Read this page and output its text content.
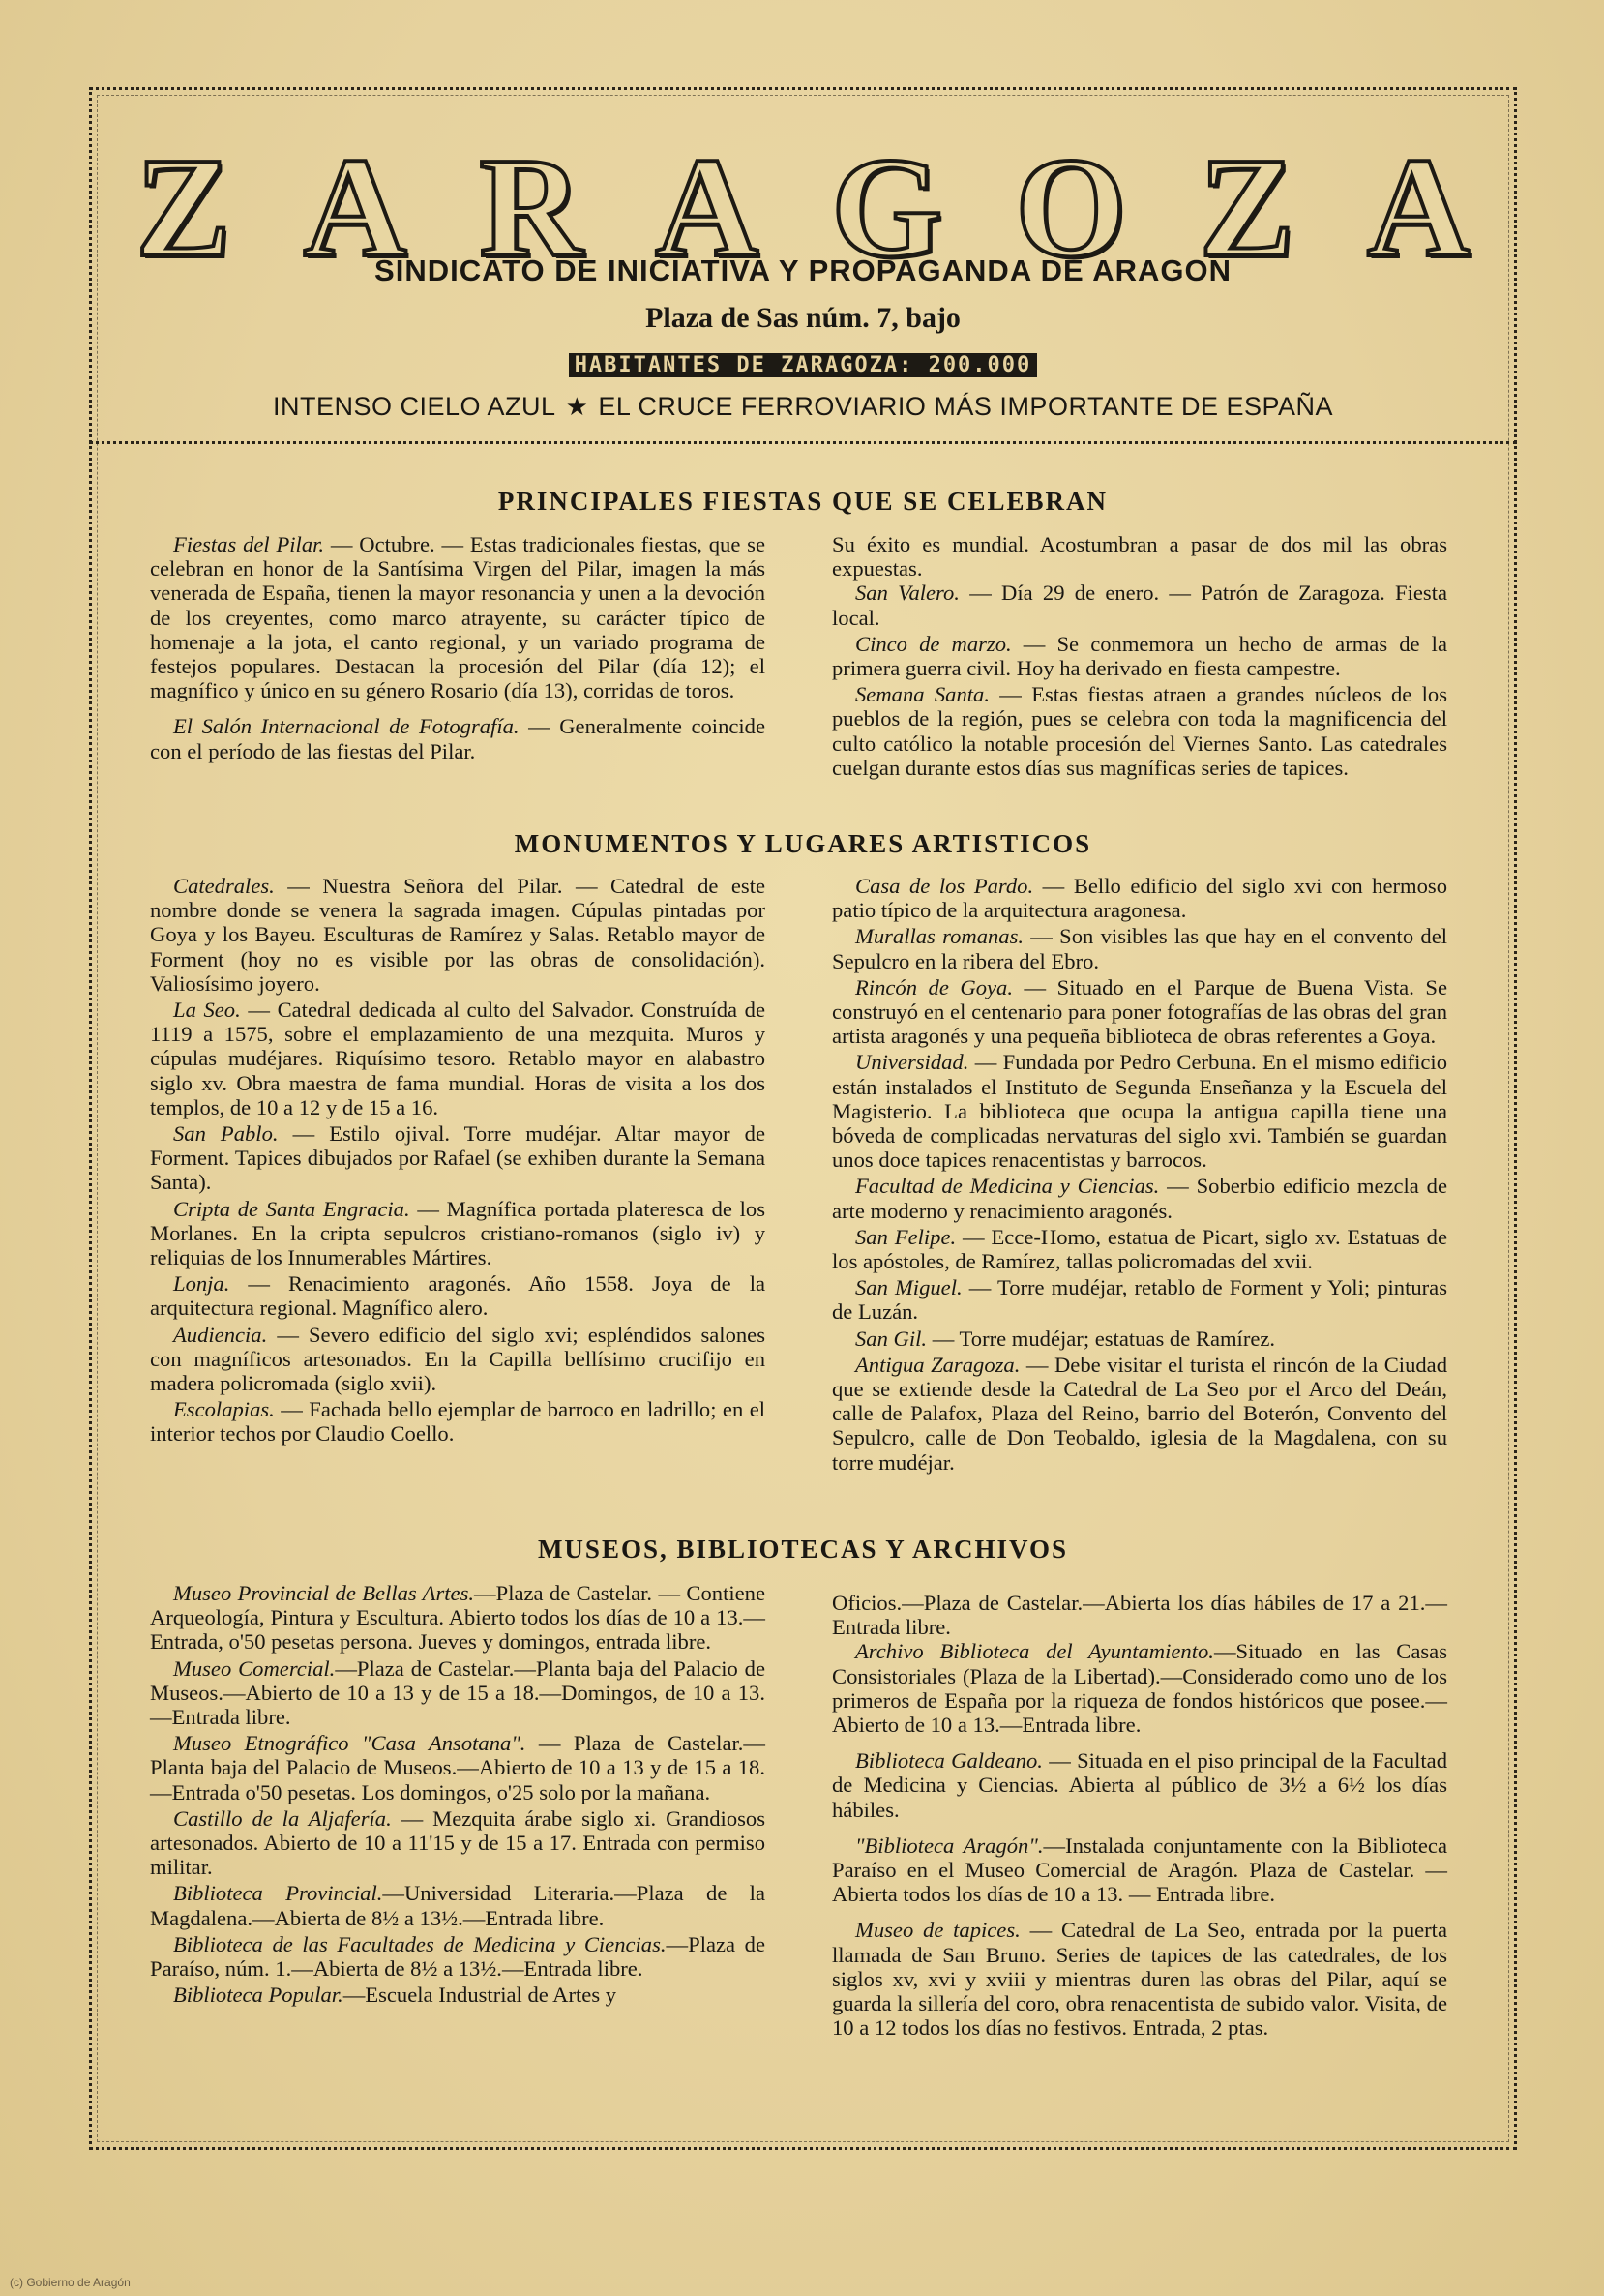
Z A R A G O Z A
SINDICATO DE INICIATIVA Y PROPAGANDA DE ARAGON
Plaza de Sas núm. 7, bajo
HABITANTES DE ZARAGOZA: 200.000
INTENSO CIELO AZUL ★ EL CRUCE FERROVIARIO MÁS IMPORTANTE DE ESPAÑA
PRINCIPALES FIESTAS QUE SE CELEBRAN

Fiestas del Pilar. — Octubre. — Estas tradicionales fiestas, que se celebran en honor de la Santísima Virgen del Pilar, imagen la más venerada de España, tienen la mayor resonancia y unen a la devoción de los creyentes, como marco atrayente, su carácter típico de homenaje a la jota, el canto regional, y un variado programa de festejos populares. Destacan la procesión del Pilar (día 12); el magnífico y único en su género Rosario (día 13), corridas de toros.

El Salón Internacional de Fotografía. — Generalmente coincide con el período de las fiestas del Pilar.

Su éxito es mundial. Acostumbran a pasar de dos mil las obras expuestas.

San Valero. — Día 29 de enero. — Patrón de Zaragoza. Fiesta local.

Cinco de marzo. — Se conmemora un hecho de armas de la primera guerra civil. Hoy ha derivado en fiesta campestre.

Semana Santa. — Estas fiestas atraen a grandes núcleos de los pueblos de la región, pues se celebra con toda la magnificencia del culto católico la notable procesión del Viernes Santo. Las catedrales cuelgan durante estos días sus magníficas series de tapices.

MONUMENTOS Y LUGARES ARTISTICOS

Catedrales. — Nuestra Señora del Pilar. — Catedral de este nombre donde se venera la sagrada imagen. Cúpulas pintadas por Goya y los Bayeu. Esculturas de Ramírez y Salas. Retablo mayor de Forment (hoy no es visible por las obras de consolidación). Valiosísimo joyero.

La Seo. — Catedral dedicada al culto del Salvador. Construída de 1119 a 1575, sobre el emplazamiento de una mezquita. Muros y cúpulas mudéjares. Riquísimo tesoro. Retablo mayor en alabastro siglo xv. Obra maestra de fama mundial. Horas de visita a los dos templos, de 10 a 12 y de 15 a 16.

San Pablo. — Estilo ojival. Torre mudéjar. Altar mayor de Forment. Tapices dibujados por Rafael (se exhiben durante la Semana Santa).

Cripta de Santa Engracia. — Magnífica portada plateresca de los Morlanes. En la cripta sepulcros cristiano-romanos (siglo iv) y reliquias de los Innumerables Mártires.

Lonja. — Renacimiento aragonés. Año 1558. Joya de la arquitectura regional. Magnífico alero.

Audiencia. — Severo edificio del siglo xvi; espléndidos salones con magníficos artesonados. En la Capilla bellísimo crucifijo en madera policromada (siglo xvii).

Escolapias. — Fachada bello ejemplar de barroco en ladrillo; en el interior techos por Claudio Coello.

Casa de los Pardo. — Bello edificio del siglo xvi con hermoso patio típico de la arquitectura aragonesa.

Murallas romanas. — Son visibles las que hay en el convento del Sepulcro en la ribera del Ebro.

Rincón de Goya. — Situado en el Parque de Buena Vista. Se construyó en el centenario para poner fotografías de las obras del gran artista aragonés y una pequeña biblioteca de obras referentes a Goya.

Universidad. — Fundada por Pedro Cerbuna. En el mismo edificio están instalados el Instituto de Segunda Enseñanza y la Escuela del Magisterio. La biblioteca que ocupa la antigua capilla tiene una bóveda de complicadas nervaturas del siglo xvi. También se guardan unos doce tapices renacentistas y barrocos.

Facultad de Medicina y Ciencias. — Soberbio edificio mezcla de arte moderno y renacimiento aragonés.

San Felipe. — Ecce-Homo, estatua de Picart, siglo xv. Estatuas de los apóstoles, de Ramírez, tallas policromadas del xvii.

San Miguel. — Torre mudéjar, retablo de Forment y Yoli; pinturas de Luzán.

San Gil. — Torre mudéjar; estatuas de Ramírez.

Antigua Zaragoza. — Debe visitar el turista el rincón de la Ciudad que se extiende desde la Catedral de La Seo por el Arco del Deán, calle de Palafox, Plaza del Reino, barrio del Boterón, Convento del Sepulcro, calle de Don Teobaldo, iglesia de la Magdalena, con su torre mudéjar.

MUSEOS, BIBLIOTECAS Y ARCHIVOS

Museo Provincial de Bellas Artes.—Plaza de Castelar. — Contiene Arqueología, Pintura y Escultura. Abierto todos los días de 10 a 13.—Entrada, o'50 pesetas persona. Jueves y domingos, entrada libre.

Museo Comercial.—Plaza de Castelar.—Planta baja del Palacio de Museos.—Abierto de 10 a 13 y de 15 a 18.—Domingos, de 10 a 13.—Entrada libre.

Museo Etnográfico "Casa Ansotana". — Plaza de Castelar.—Planta baja del Palacio de Museos.—Abierto de 10 a 13 y de 15 a 18.—Entrada o'50 pesetas. Los domingos, o'25 solo por la mañana.

Castillo de la Aljafería. — Mezquita árabe siglo xi. Grandiosos artesonados. Abierto de 10 a 11'15 y de 15 a 17. Entrada con permiso militar.

Biblioteca Provincial.—Universidad Literaria.—Plaza de la Magdalena.—Abierta de 8½ a 13½.—Entrada libre.

Biblioteca de las Facultades de Medicina y Ciencias.—Plaza de Paraíso, núm. 1.—Abierta de 8½ a 13½.—Entrada libre.

Biblioteca Popular.—Escuela Industrial de Artes y

Oficios.—Plaza de Castelar.—Abierta los días hábiles de 17 a 21.—Entrada libre.

Archivo Biblioteca del Ayuntamiento.—Situado en las Casas Consistoriales (Plaza de la Libertad).—Considerado como uno de los primeros de España por la riqueza de fondos históricos que posee.—Abierto de 10 a 13.—Entrada libre.

Biblioteca Galdeano. — Situada en el piso principal de la Facultad de Medicina y Ciencias. Abierta al público de 3½ a 6½ los días hábiles.

"Biblioteca Aragón".—Instalada conjuntamente con la Biblioteca Paraíso en el Museo Comercial de Aragón. Plaza de Castelar. — Abierta todos los días de 10 a 13. — Entrada libre.

Museo de tapices. — Catedral de La Seo, entrada por la puerta llamada de San Bruno. Series de tapices de las catedrales, de los siglos xv, xvi y xviii y mientras duren las obras del Pilar, aquí se guarda la sillería del coro, obra renacentista de subido valor. Visita, de 10 a 12 todos los días no festivos. Entrada, 2 ptas.

(c) Gobierno de Aragón
